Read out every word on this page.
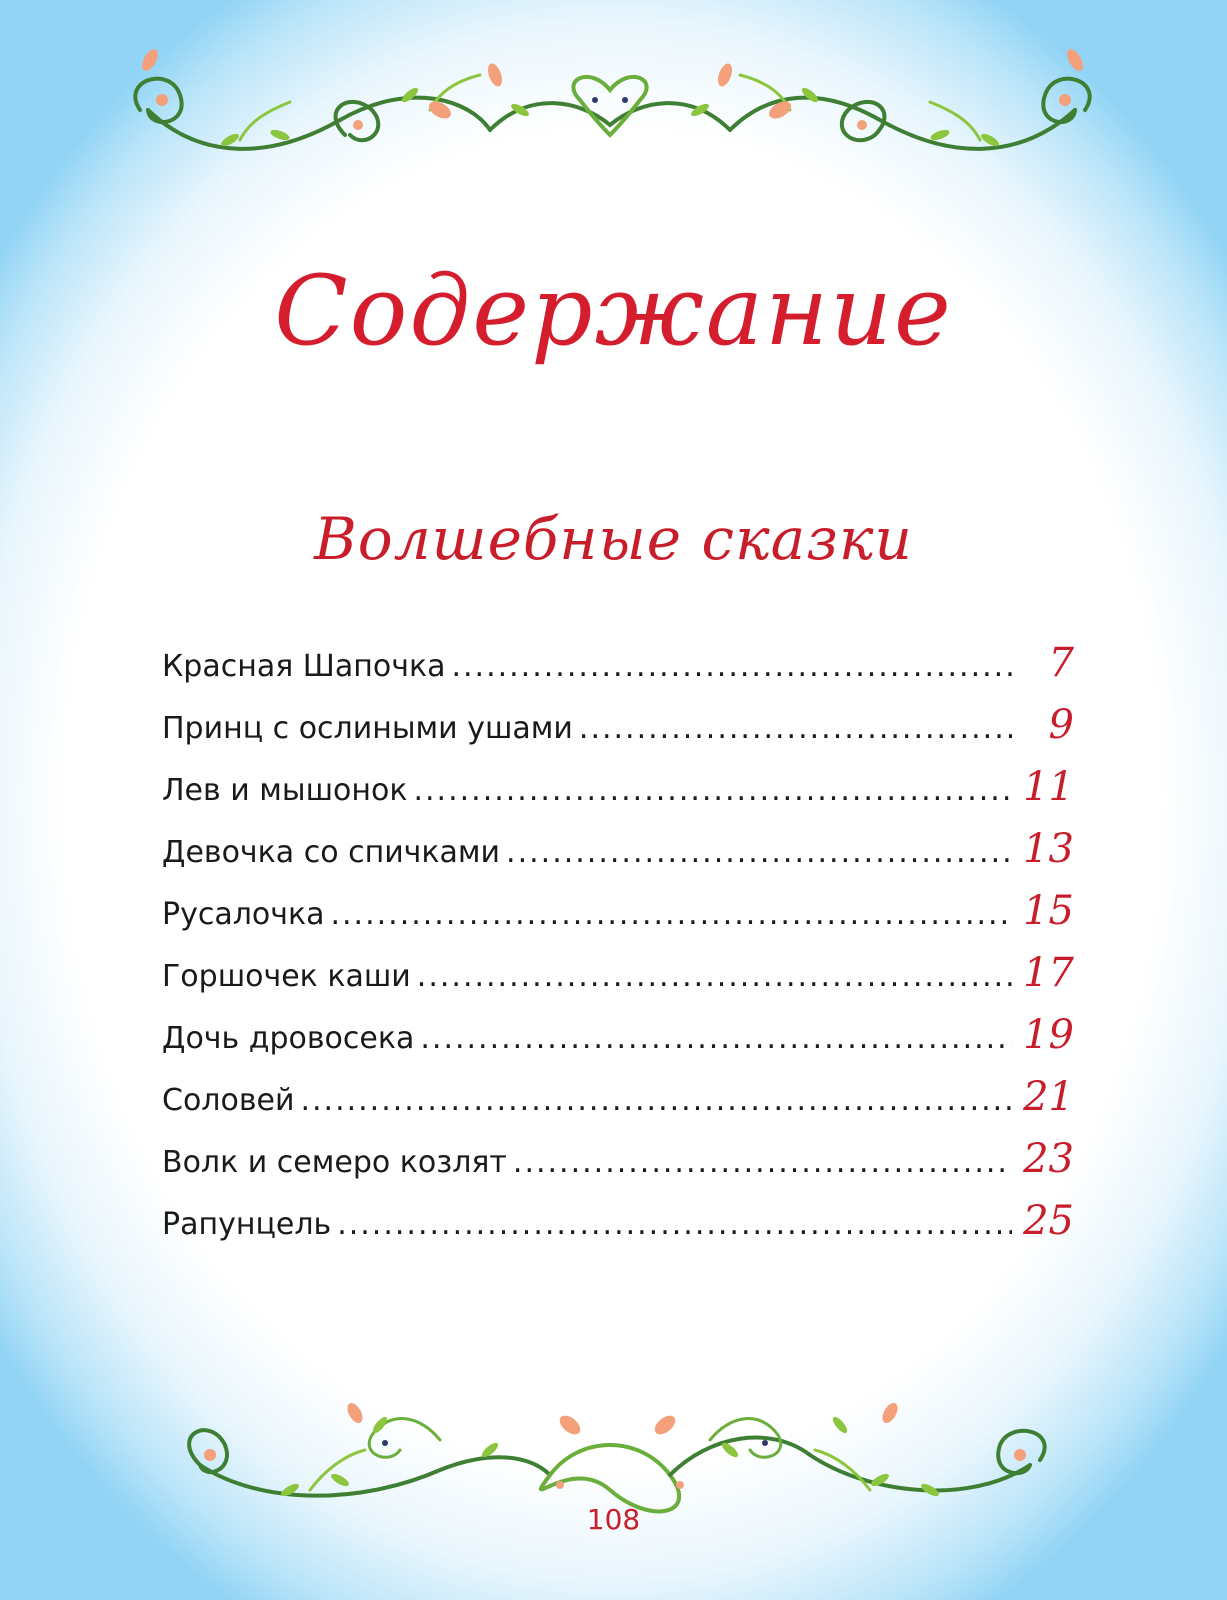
Содержание
Волшебные сказки
Красная Шапочка .....	7
Принц с ослиными ушами .....	9
Лев и мышонок .....	11
Девочка со спичками .....	13
Русалочка .....	15
Горшочек каши .....	17
Дочь дровосека .....	19
Соловей .....	21
Волк и семеро козлят .....	23
Рапунцель .....	25
108
